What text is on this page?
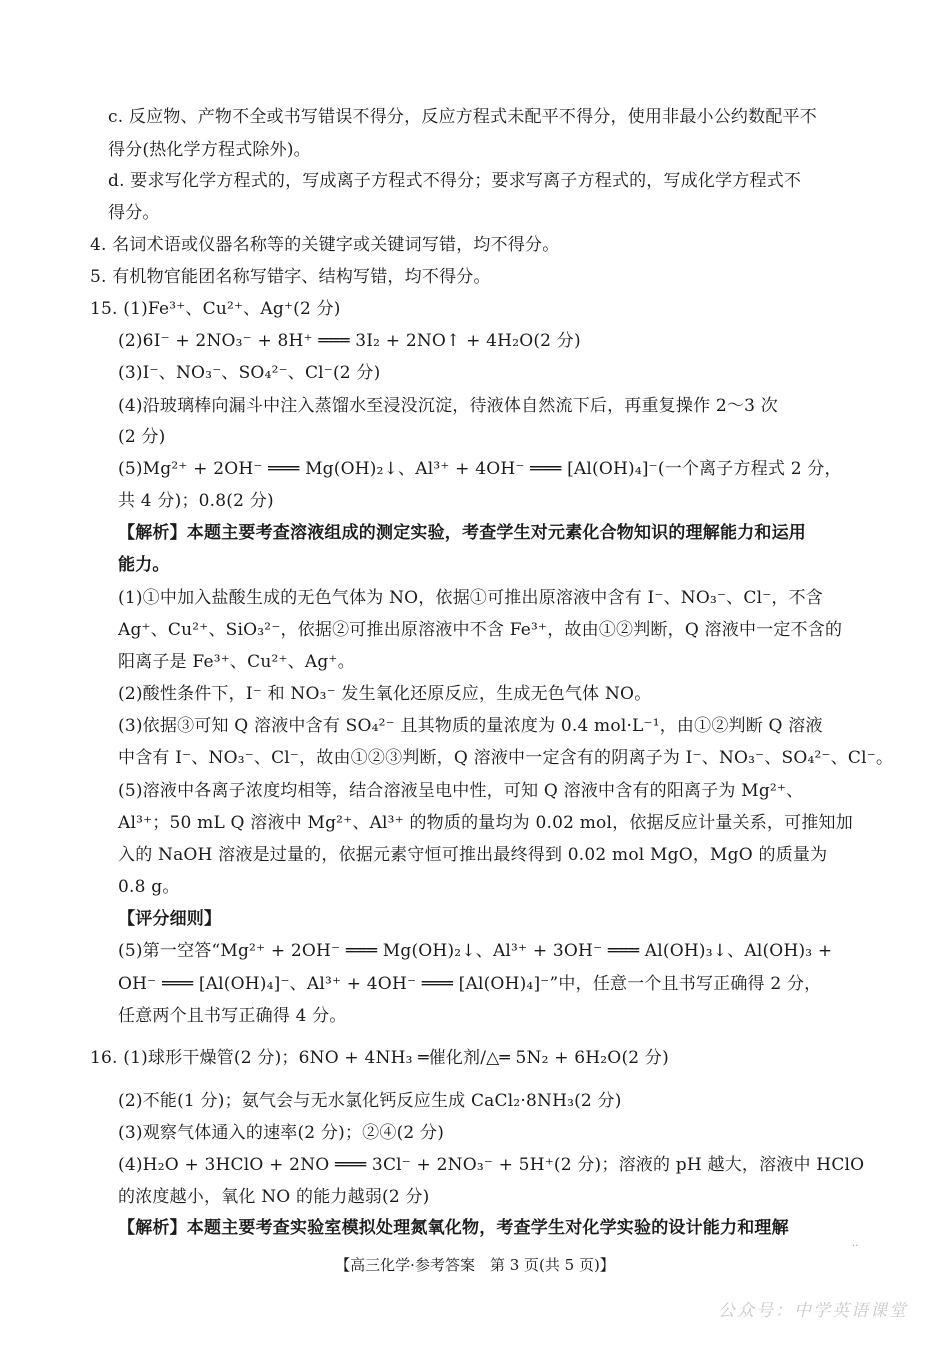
c. 反应物、产物不全或书写错误不得分，反应方程式未配平不得分，使用非最小公约数配平不
得分(热化学方程式除外)。
d. 要求写化学方程式的，写成离子方程式不得分；要求写离子方程式的，写成化学方程式不
得分。
4. 名词术语或仪器名称等的关键字或关键词写错，均不得分。
5. 有机物官能团名称写错字、结构写错，均不得分。
15. (1)Fe³⁺、Cu²⁺、Ag⁺(2 分)
(2)6I⁻ + 2NO₃⁻ + 8H⁺ ═══ 3I₂ + 2NO↑ + 4H₂O(2 分)
(3)I⁻、NO₃⁻、SO₄²⁻、Cl⁻(2 分)
(4)沿玻璃棒向漏斗中注入蒸馏水至浸没沉淀，待液体自然流下后，再重复操作 2～3 次
(2 分)
(5)Mg²⁺ + 2OH⁻ ═══ Mg(OH)₂↓、Al³⁺ + 4OH⁻ ═══ [Al(OH)₄]⁻(一个离子方程式 2 分，
共 4 分)；0.8(2 分)
【解析】本题主要考查溶液组成的测定实验，考查学生对元素化合物知识的理解能力和运用
能力。
(1)①中加入盐酸生成的无色气体为 NO，依据①可推出原溶液中含有 I⁻、NO₃⁻、Cl⁻，不含
Ag⁺、Cu²⁺、SiO₃²⁻，依据②可推出原溶液中不含 Fe³⁺，故由①②判断，Q 溶液中一定不含的
阳离子是 Fe³⁺、Cu²⁺、Ag⁺。
(2)酸性条件下，I⁻ 和 NO₃⁻ 发生氧化还原反应，生成无色气体 NO。
(3)依据③可知 Q 溶液中含有 SO₄²⁻ 且其物质的量浓度为 0.4 mol·L⁻¹，由①②判断 Q 溶液
中含有 I⁻、NO₃⁻、Cl⁻，故由①②③判断，Q 溶液中一定含有的阴离子为 I⁻、NO₃⁻、SO₄²⁻、Cl⁻。
(5)溶液中各离子浓度均相等，结合溶液呈电中性，可知 Q 溶液中含有的阳离子为 Mg²⁺、
Al³⁺；50 mL Q 溶液中 Mg²⁺、Al³⁺ 的物质的量均为 0.02 mol，依据反应计量关系，可推知加
入的 NaOH 溶液是过量的，依据元素守恒可推出最终得到 0.02 mol MgO，MgO 的质量为
0.8 g。
【评分细则】
(5)第一空答“Mg²⁺ + 2OH⁻ ═══ Mg(OH)₂↓、Al³⁺ + 3OH⁻ ═══ Al(OH)₃↓、Al(OH)₃ +
OH⁻ ═══ [Al(OH)₄]⁻、Al³⁺ + 4OH⁻ ═══ [Al(OH)₄]⁻”中，任意一个且书写正确得 2 分，
任意两个且书写正确得 4 分。
16. (1)球形干燥管(2 分)；6NO + 4NH₃ ═催化剂/△═ 5N₂ + 6H₂O(2 分)
(2)不能(1 分)；氨气会与无水氯化钙反应生成 CaCl₂·8NH₃(2 分)
(3)观察气体通入的速率(2 分)；②④(2 分)
(4)H₂O + 3HClO + 2NO ═══ 3Cl⁻ + 2NO₃⁻ + 5H⁺(2 分)；溶液的 pH 越大，溶液中 HClO
的浓度越小，氧化 NO 的能力越弱(2 分)
【解析】本题主要考查实验室模拟处理氮氧化物，考查学生对化学实验的设计能力和理解
【高三化学·参考答案　第 3 页(共 5 页)】
..
公众号：中学英语课堂
